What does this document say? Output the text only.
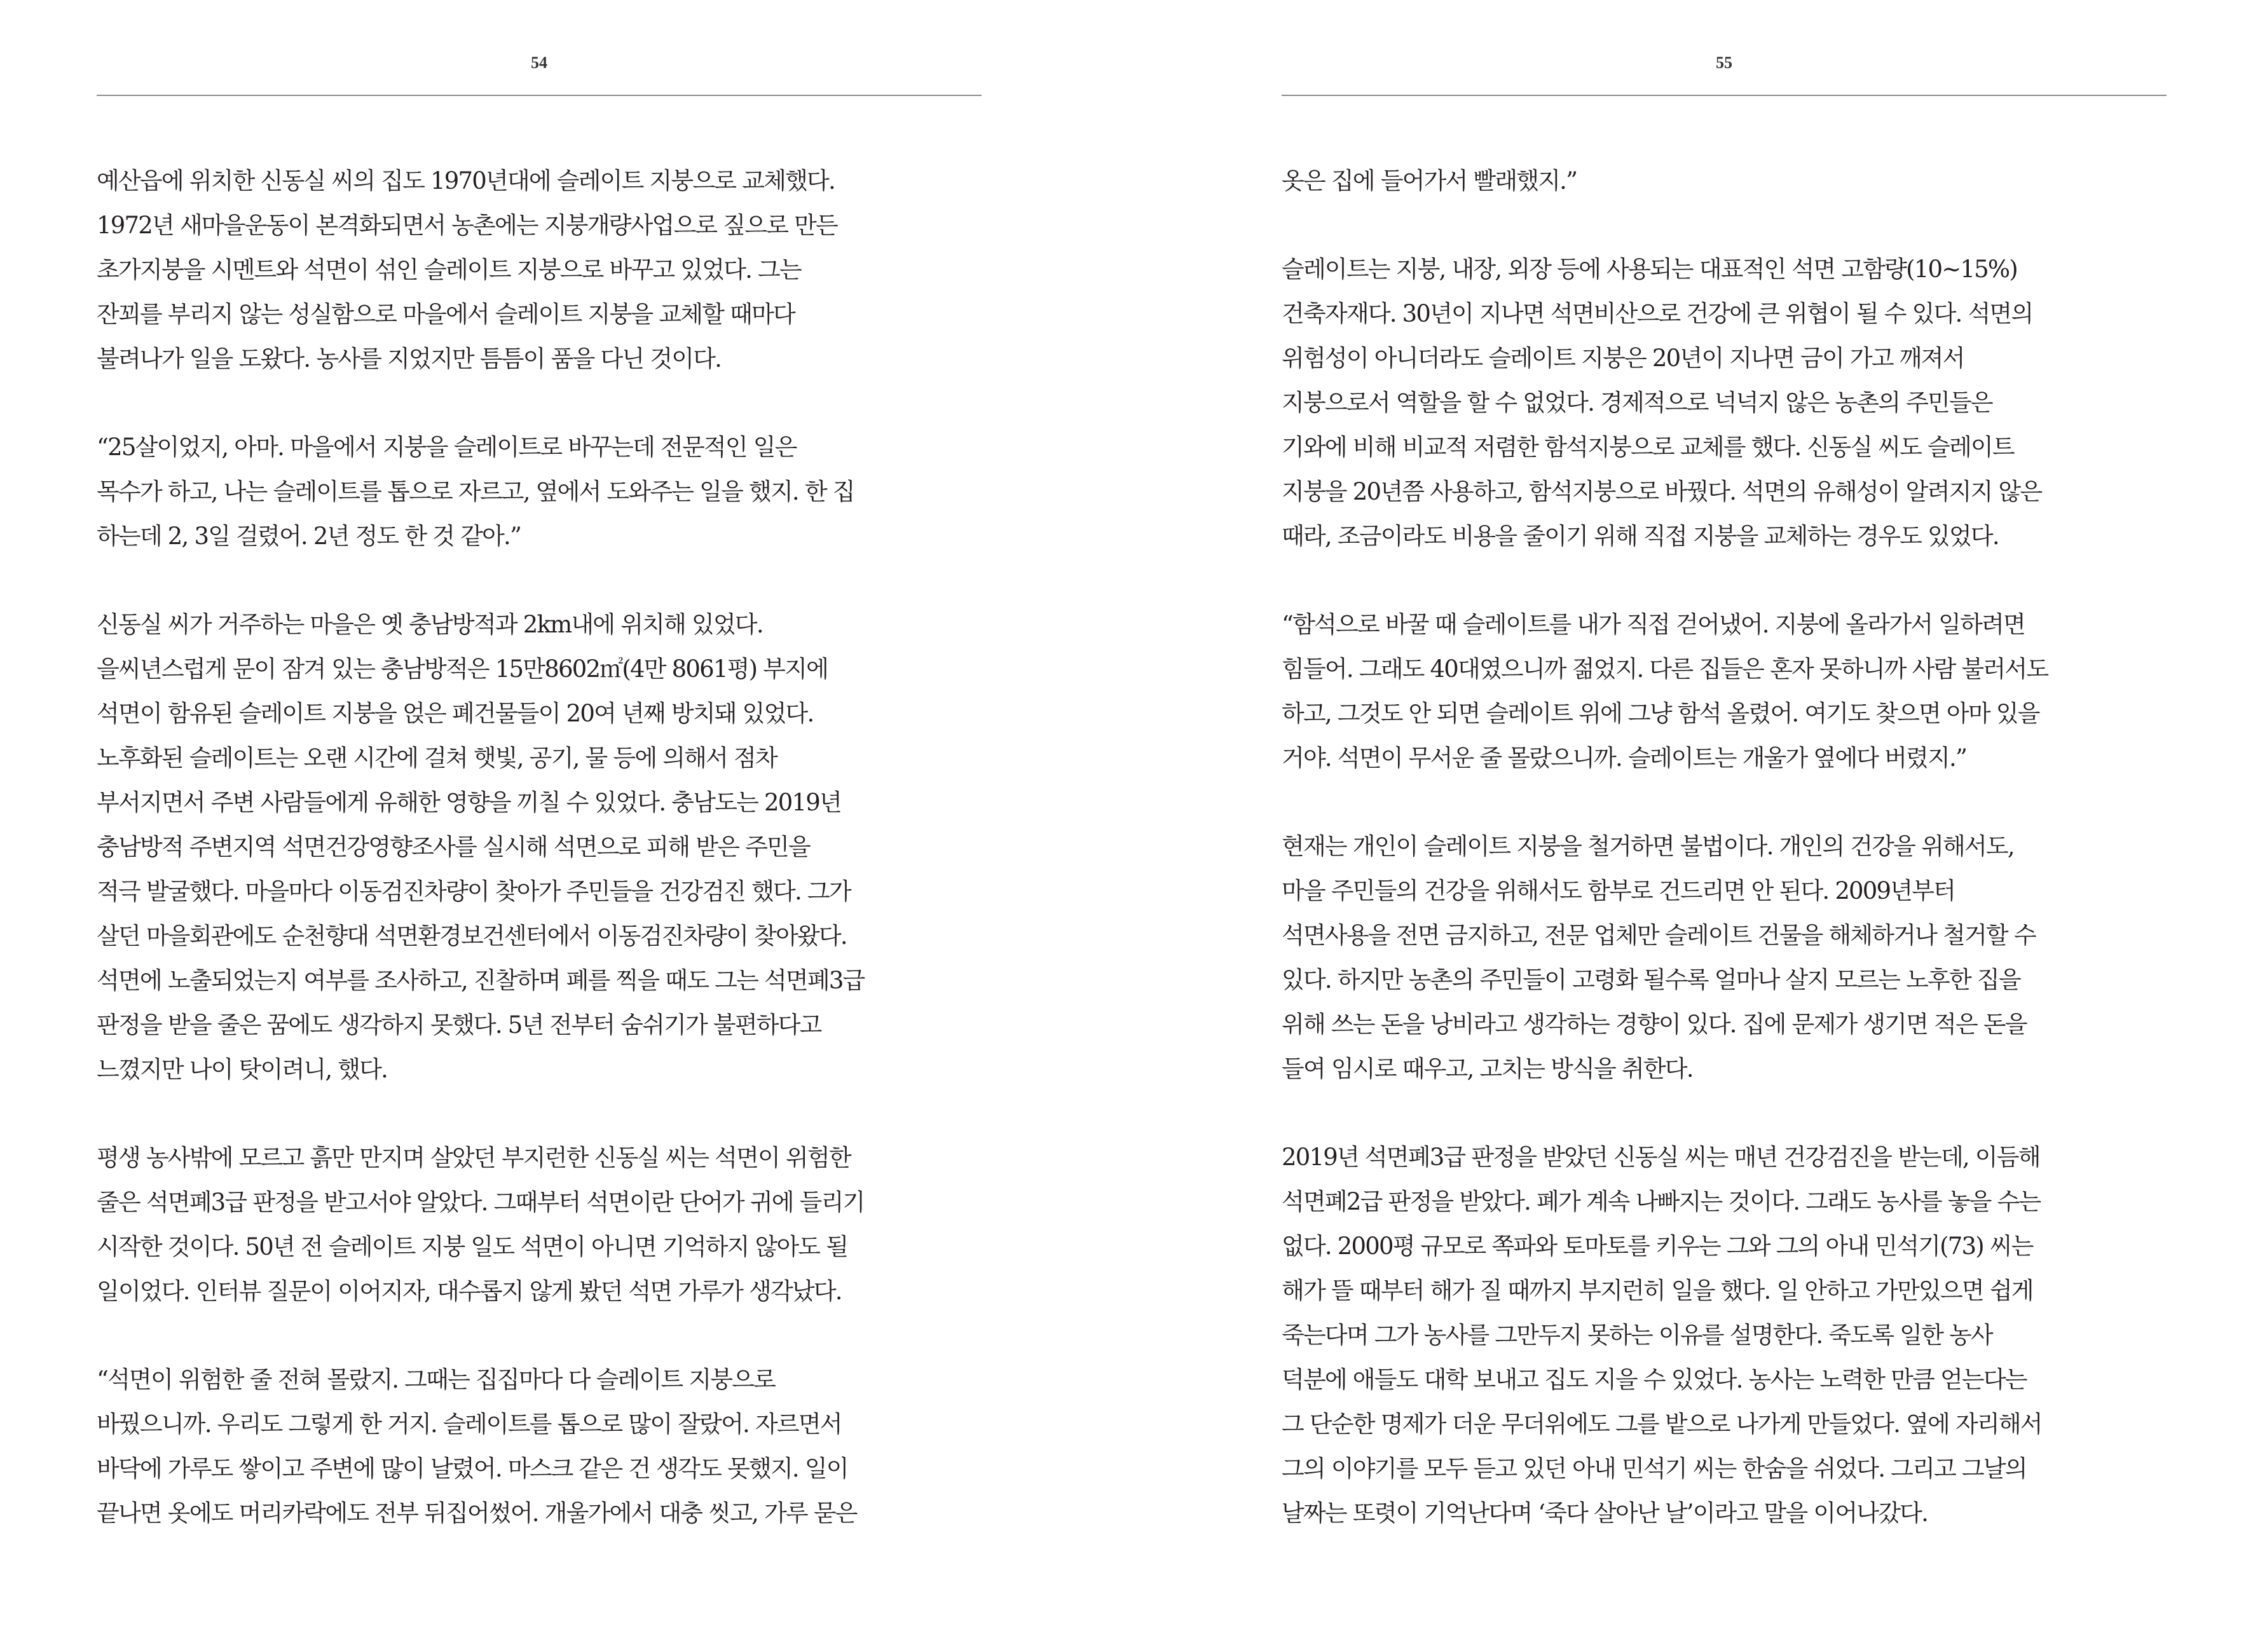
54
예산읍에 위치한 신동실 씨의 집도 1970년대에 슬레이트 지붕으로 교체했다.
1972년 새마을운동이 본격화되면서 농촌에는 지붕개량사업으로 짚으로 만든
초가지붕을 시멘트와 석면이 섞인 슬레이트 지붕으로 바꾸고 있었다. 그는
잔꾀를 부리지 않는 성실함으로 마을에서 슬레이트 지붕을 교체할 때마다
불려나가 일을 도왔다. 농사를 지었지만 틈틈이 품을 다닌 것이다.
“25살이었지, 아마. 마을에서 지붕을 슬레이트로 바꾸는데 전문적인 일은
목수가 하고, 나는 슬레이트를 톱으로 자르고, 옆에서 도와주는 일을 했지. 한 집
하는데 2, 3일 걸렸어. 2년 정도 한 것 같아.”
신동실 씨가 거주하는 마을은 옛 충남방적과 2km내에 위치해 있었다.
을씨년스럽게 문이 잠겨 있는 충남방적은 15만8602㎡(4만 8061평) 부지에
석면이 함유된 슬레이트 지붕을 얹은 폐건물들이 20여 년째 방치돼 있었다.
노후화된 슬레이트는 오랜 시간에 걸쳐 햇빛, 공기, 물 등에 의해서 점차
부서지면서 주변 사람들에게 유해한 영향을 끼칠 수 있었다. 충남도는 2019년
충남방적 주변지역 석면건강영향조사를 실시해 석면으로 피해 받은 주민을
적극 발굴했다. 마을마다 이동검진차량이 찾아가 주민들을 건강검진 했다. 그가
살던 마을회관에도 순천향대 석면환경보건센터에서 이동검진차량이 찾아왔다.
석면에 노출되었는지 여부를 조사하고, 진찰하며 폐를 찍을 때도 그는 석면폐3급
판정을 받을 줄은 꿈에도 생각하지 못했다. 5년 전부터 숨쉬기가 불편하다고
느꼈지만 나이 탓이려니, 했다.
평생 농사밖에 모르고 흙만 만지며 살았던 부지런한 신동실 씨는 석면이 위험한
줄은 석면폐3급 판정을 받고서야 알았다. 그때부터 석면이란 단어가 귀에 들리기
시작한 것이다. 50년 전 슬레이트 지붕 일도 석면이 아니면 기억하지 않아도 될
일이었다. 인터뷰 질문이 이어지자, 대수롭지 않게 봤던 석면 가루가 생각났다.
“석면이 위험한 줄 전혀 몰랐지. 그때는 집집마다 다 슬레이트 지붕으로
바꿨으니까. 우리도 그렇게 한 거지. 슬레이트를 톱으로 많이 잘랐어. 자르면서
바닥에 가루도 쌓이고 주변에 많이 날렸어. 마스크 같은 건 생각도 못했지. 일이
끝나면 옷에도 머리카락에도 전부 뒤집어썼어. 개울가에서 대충 씻고, 가루 묻은
55
옷은 집에 들어가서 빨래했지.”
슬레이트는 지붕, 내장, 외장 등에 사용되는 대표적인 석면 고함량(10~15%)
건축자재다. 30년이 지나면 석면비산으로 건강에 큰 위협이 될 수 있다. 석면의
위험성이 아니더라도 슬레이트 지붕은 20년이 지나면 금이 가고 깨져서
지붕으로서 역할을 할 수 없었다. 경제적으로 넉넉지 않은 농촌의 주민들은
기와에 비해 비교적 저렴한 함석지붕으로 교체를 했다. 신동실 씨도 슬레이트
지붕을 20년쯤 사용하고, 함석지붕으로 바꿨다. 석면의 유해성이 알려지지 않은
때라, 조금이라도 비용을 줄이기 위해 직접 지붕을 교체하는 경우도 있었다.
“함석으로 바꿀 때 슬레이트를 내가 직접 걷어냈어. 지붕에 올라가서 일하려면
힘들어. 그래도 40대였으니까 젊었지. 다른 집들은 혼자 못하니까 사람 불러서도
하고, 그것도 안 되면 슬레이트 위에 그냥 함석 올렸어. 여기도 찾으면 아마 있을
거야. 석면이 무서운 줄 몰랐으니까. 슬레이트는 개울가 옆에다 버렸지.”
현재는 개인이 슬레이트 지붕을 철거하면 불법이다. 개인의 건강을 위해서도,
마을 주민들의 건강을 위해서도 함부로 건드리면 안 된다. 2009년부터
석면사용을 전면 금지하고, 전문 업체만 슬레이트 건물을 해체하거나 철거할 수
있다. 하지만 농촌의 주민들이 고령화 될수록 얼마나 살지 모르는 노후한 집을
위해 쓰는 돈을 낭비라고 생각하는 경향이 있다. 집에 문제가 생기면 적은 돈을
들여 임시로 때우고, 고치는 방식을 취한다.
2019년 석면폐3급 판정을 받았던 신동실 씨는 매년 건강검진을 받는데, 이듬해
석면폐2급 판정을 받았다. 폐가 계속 나빠지는 것이다. 그래도 농사를 놓을 수는
없다. 2000평 규모로 쪽파와 토마토를 키우는 그와 그의 아내 민석기(73) 씨는
해가 뜰 때부터 해가 질 때까지 부지런히 일을 했다. 일 안하고 가만있으면 쉽게
죽는다며 그가 농사를 그만두지 못하는 이유를 설명한다. 죽도록 일한 농사
덕분에 애들도 대학 보내고 집도 지을 수 있었다. 농사는 노력한 만큼 얻는다는
그 단순한 명제가 더운 무더위에도 그를 밭으로 나가게 만들었다. 옆에 자리해서
그의 이야기를 모두 듣고 있던 아내 민석기 씨는 한숨을 쉬었다. 그리고 그날의
날짜는 또렷이 기억난다며 ‘죽다 살아난 날’이라고 말을 이어나갔다.
